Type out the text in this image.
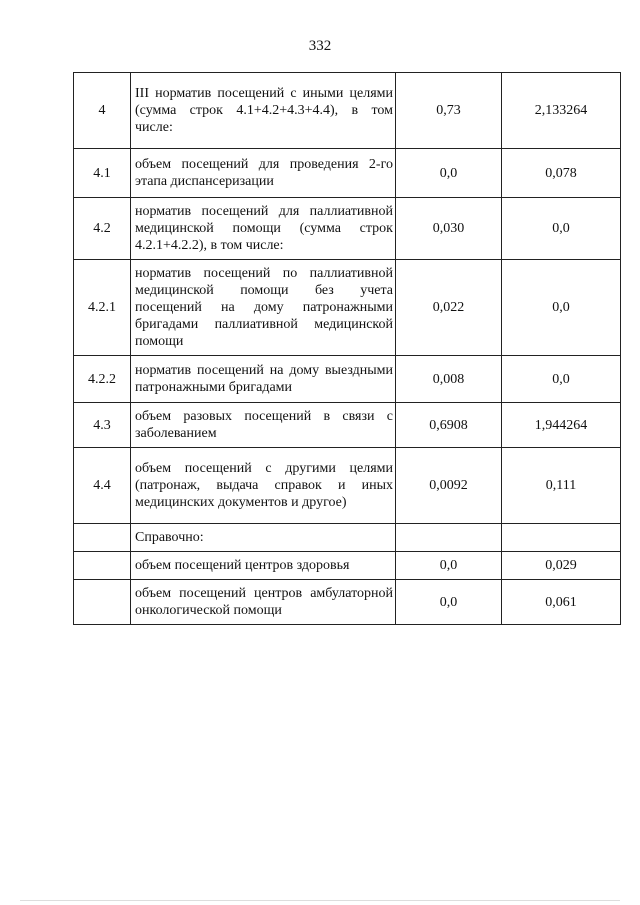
332
4	III норматив посещений с иными целями (сумма строк 4.1+4.2+4.3+4.4), в том числе:	0,73	2,133264
4.1	объем посещений для проведения 2-го этапа диспансеризации	0,0	0,078
4.2	норматив посещений для паллиативной медицинской помощи (сумма строк 4.2.1+4.2.2), в том числе:	0,030	0,0
4.2.1	норматив посещений по паллиативной медицинской помощи без учета посещений на дому патронажными бригадами паллиативной медицинской помощи	0,022	0,0
4.2.2	норматив посещений на дому выездными патронажными бригадами	0,008	0,0
4.3	объем разовых посещений в связи с заболеванием	0,6908	1,944264
4.4	объем посещений с другими целями (патронаж, выдача справок и иных медицинских документов и другое)	0,0092	0,111
	Справочно:		
	объем посещений центров здоровья	0,0	0,029
	объем посещений центров амбулаторной онкологической помощи	0,0	0,061
